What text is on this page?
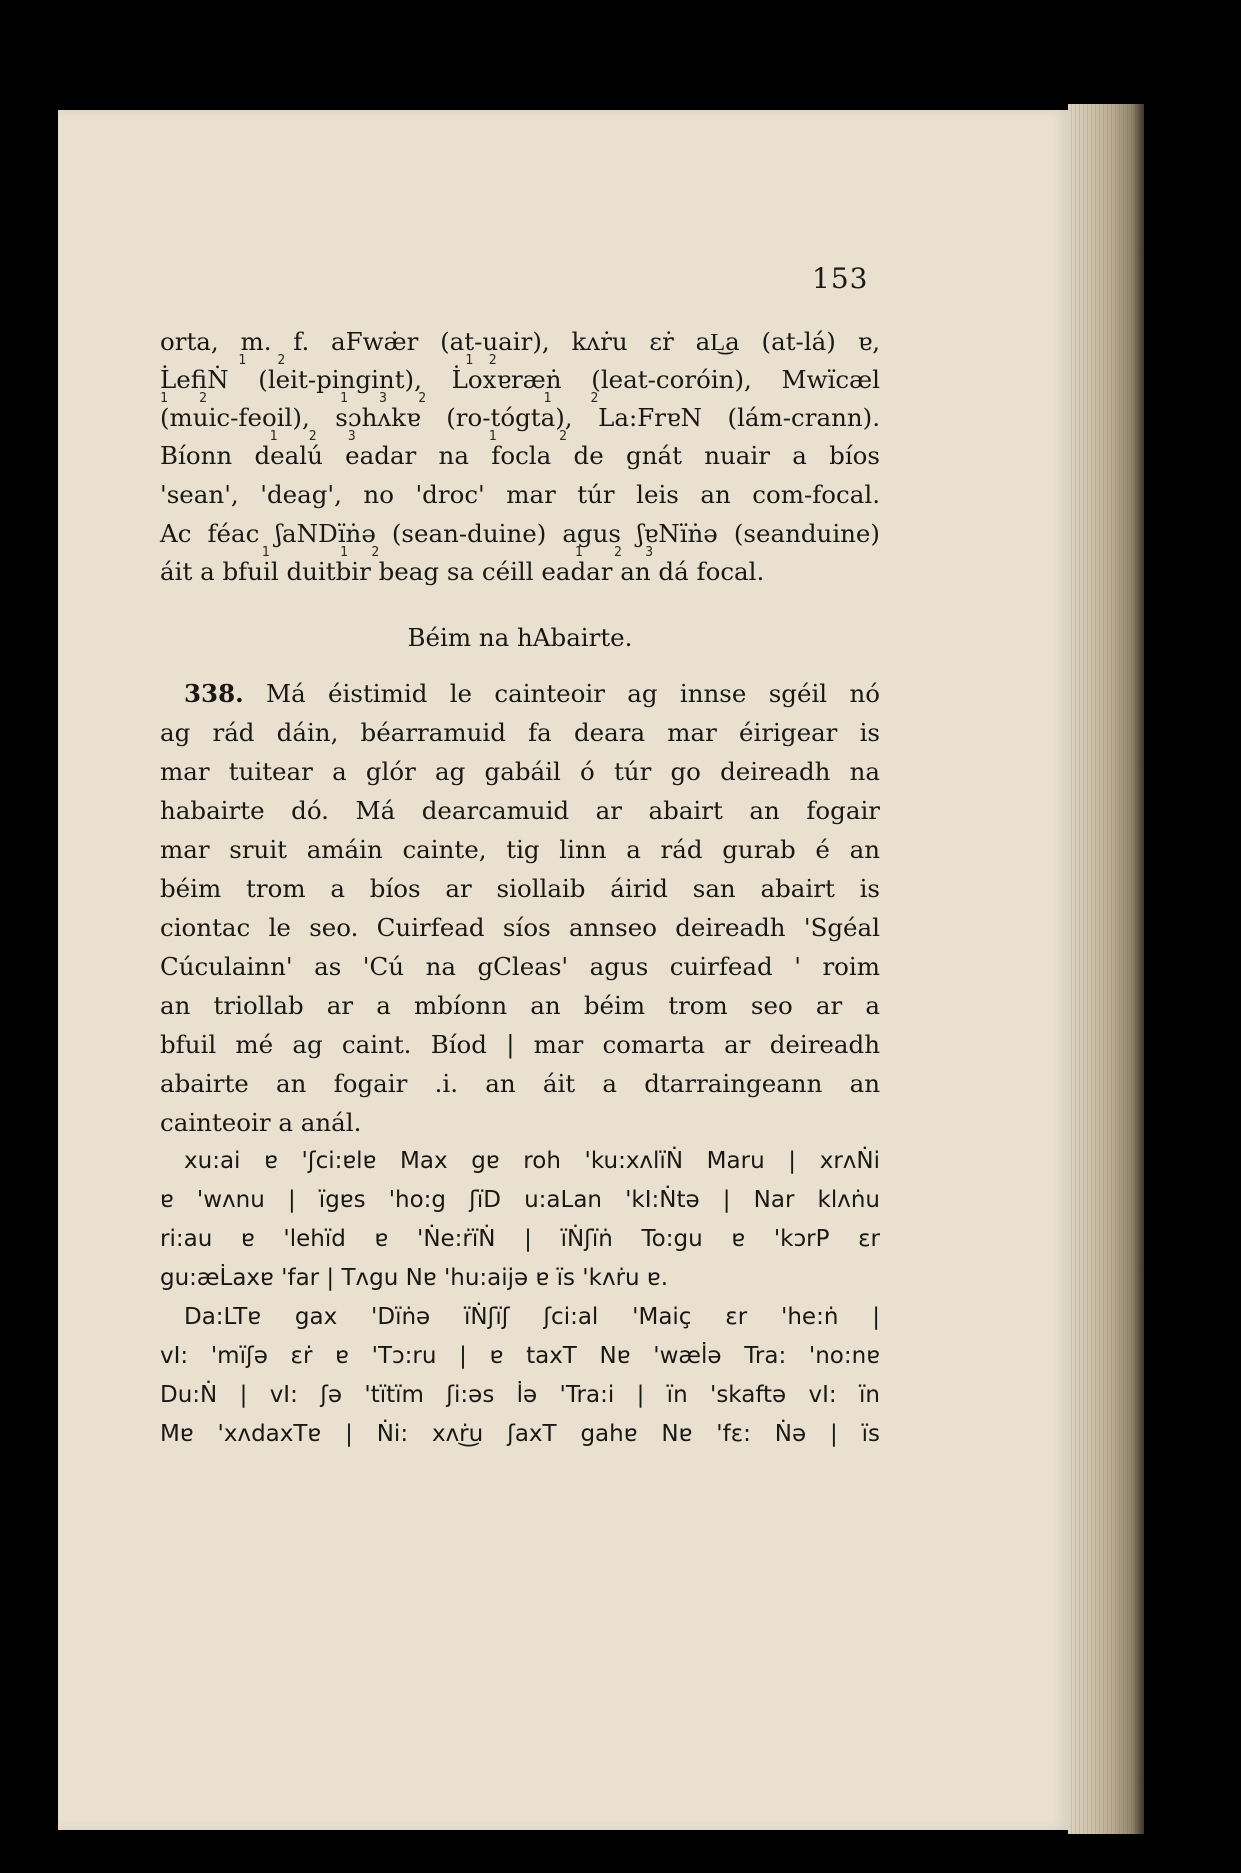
153
orta, m. f. aFwæ̇r (at-uair), kʌṙu εṙ aL͜a (at-lá) ɐ,
1    2                       1  2
L̇efiṄ (leit-pingint), L̇oxɐræṅ (leat-coróin), Mwïcæl
1    2                 1    3    2               1     2
(muic-feoil), sɔhʌkɐ (ro-tógta), La:FrɐN (lám-crann).
1    2    3                 1        2
Bíonn dealú eadar na focla de gnát nuair a bíos
'sean', 'deag', no 'droc' mar túr leis an com-focal.
Ac féac ʃaNDïṅə (sean-duine) agus ʃɐNïṅə (seanduine)
1         1   2                         1    2   3
áit a bfuil duitbir beag sa céill eadar an dá focal.
Béim na hAbairte.
338. Má éistimid le cainteoir ag innse sgéil nó
ag rád dáin, béarramuid fa deara mar éirigear is
mar tuitear a glór ag gabáil ó túr go deireadh na
habairte dó. Má dearcamuid ar abairt an fogair
mar sruit amáin cainte, tig linn a rád gurab é an
béim trom a bíos ar siollaib áirid san abairt is
ciontac le seo. Cuirfead síos annseo deireadh 'Sgéal
Cúculainn' as 'Cú na gCleas' agus cuirfead ' roim
an triollab ar a mbíonn an béim trom seo ar a
bfuil mé ag caint. Bíod | mar comarta ar deireadh
abairte an fogair .i. an áit a dtarraingeann an
cainteoir a anál.
xu:ai ɐ 'ʃci:ɐlɐ Max gɐ roh 'ku:xʌlïṄ Maru | xrʌṄi
ɐ 'wʌnu | ïgɐs 'ho:g ʃïD u:aLan 'kI:Ṅtə | Nar klʌṅu
ri:au ɐ 'lehïd ɐ 'Ṅe:ṙïṄ | ïṄʃïṅ To:gu ɐ 'kɔrP εr
gu:æL̇axɐ 'far | Tʌgu Nɐ 'hu:aijə ɐ ïs 'kʌṙu ɐ.
Da:LTɐ gax 'Dïṅə ïṄʃïʃ ʃci:al 'Maiç εr 'he:ṅ |
vI: 'mïʃə εṙ ɐ 'Tɔ:ru | ɐ taxT Nɐ 'wæl̇ə Tra: 'no:nɐ
Du:Ṅ | vI: ʃə 'tïtïm ʃi:əs l̇ə 'Tra:i | ïn 'skaftə vI: ïn
Mɐ 'xʌdaxTɐ | Ṅi: xʌṙ͜u ʃaxT gahɐ Nɐ 'fε: Ṅə | ïs
